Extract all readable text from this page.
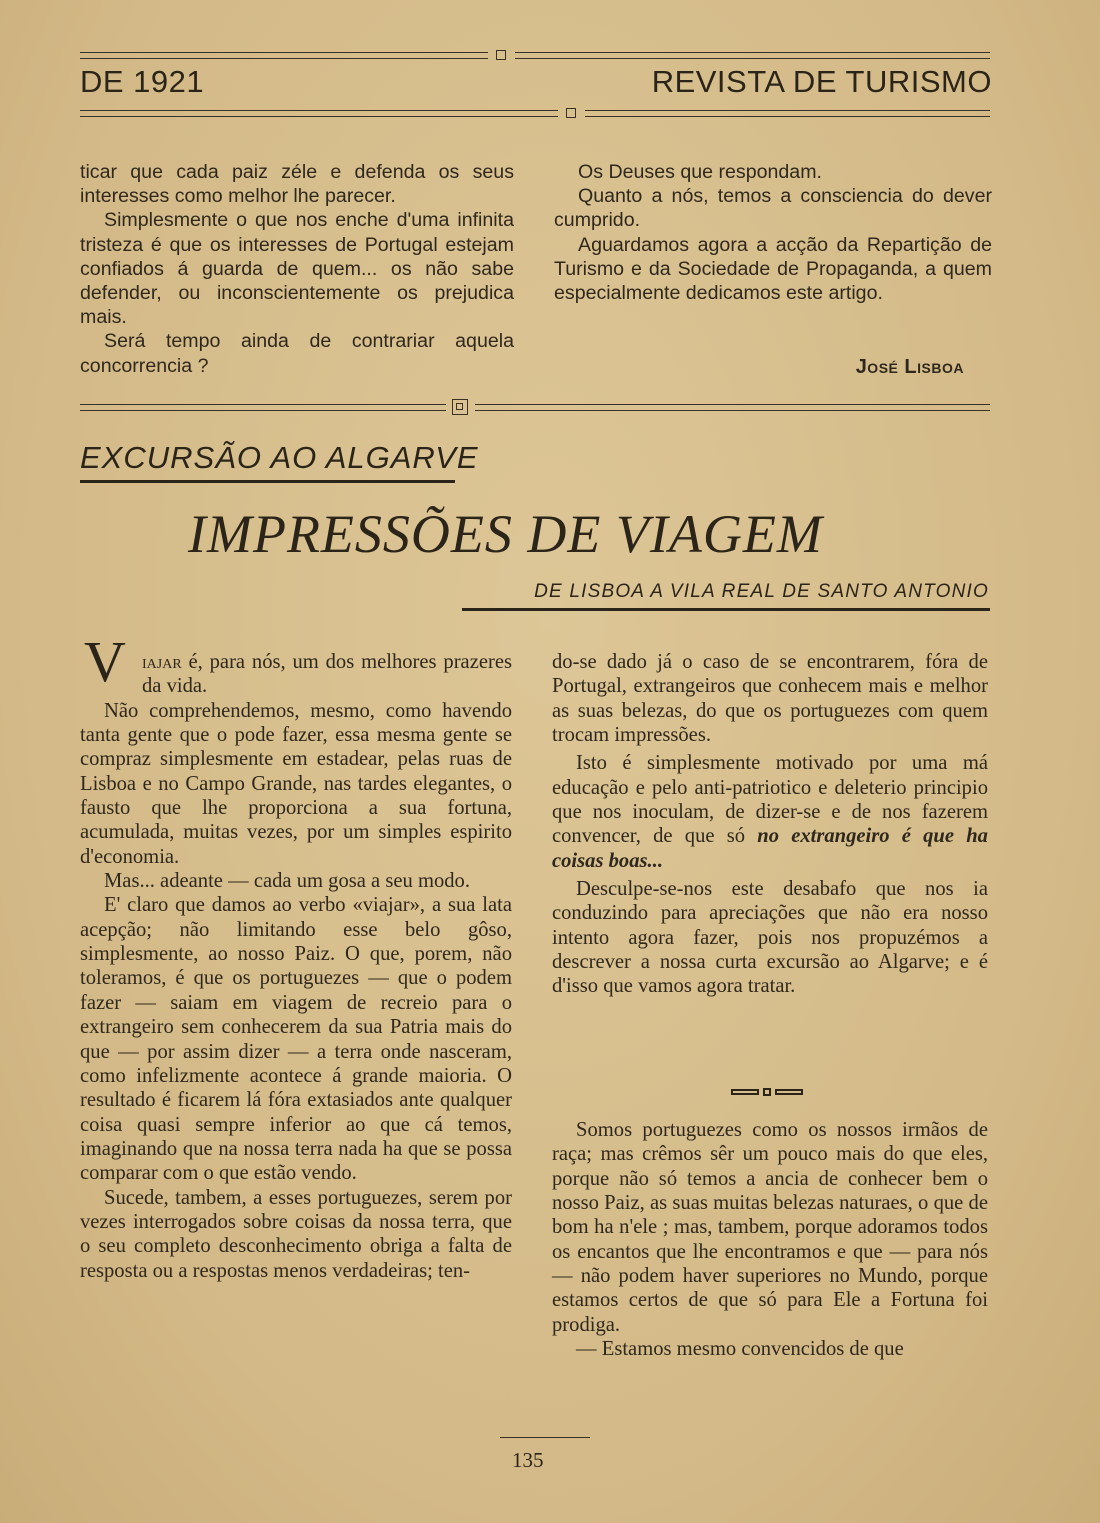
DE 1921	REVISTA DE TURISMO

ticar que cada paiz zéle e defenda os seus interesses como melhor lhe parecer.

Simplesmente o que nos enche d'uma infinita tristeza é que os interesses de Portugal estejam confiados á guarda de quem... os não sabe defender, ou inconscientemente os prejudica mais.

Será tempo ainda de contrariar aquela concorrencia ?

Os Deuses que respondam.

Quanto a nós, temos a consciencia do dever cumprido.

Aguardamos agora a acção da Repartição de Turismo e da Sociedade de Propaganda, a quem especialmente dedicamos este artigo.

José Lisboa
EXCURSÃO AO ALGARVE
IMPRESSÕES DE VIAGEM
DE LISBOA A VILA REAL DE SANTO ANTONIO
V iajar é, para nós, um dos melhores prazeres da vida.

Não comprehendemos, mesmo, como havendo tanta gente que o pode fazer, essa mesma gente se compraz simplesmente em estadear, pelas ruas de Lisboa e no Campo Grande, nas tardes elegantes, o fausto que lhe proporciona a sua fortuna, acumulada, muitas vezes, por um simples espirito d'economia.

Mas... adeante — cada um gosa a seu modo.

E' claro que damos ao verbo «viajar», a sua lata acepção; não limitando esse belo gôso, simplesmente, ao nosso Paiz. O que, porem, não toleramos, é que os portuguezes — que o podem fazer — saiam em viagem de recreio para o extrangeiro sem conhecerem da sua Patria mais do que — por assim dizer — a terra onde nasceram, como infelizmente acontece á grande maioria. O resultado é ficarem lá fóra extasiados ante qualquer coisa quasi sempre inferior ao que cá temos, imaginando que na nossa terra nada ha que se possa comparar com o que estão vendo.

Sucede, tambem, a esses portuguezes, serem por vezes interrogados sobre coisas da nossa terra, que o seu completo desconhecimento obriga a falta de resposta ou a respostas menos verdadeiras; ten-

do-se dado já o caso de se encontrarem, fóra de Portugal, extrangeiros que conhecem mais e melhor as suas belezas, do que os portuguezes com quem trocam impressões.

Isto é simplesmente motivado por uma má educação e pelo anti-patriotico e deleterio principio que nos inoculam, de dizer-se e de nos fazerem convencer, de que só no extrangeiro é que ha coisas boas...

Desculpe-se-nos este desabafo que nos ia conduzindo para apreciações que não era nosso intento agora fazer, pois nos propuzémos a descrever a nossa curta excursão ao Algarve; e é d'isso que vamos agora tratar.

Somos portuguezes como os nossos irmãos de raça; mas crêmos sêr um pouco mais do que eles, porque não só temos a ancia de conhecer bem o nosso Paiz, as suas muitas belezas naturaes, o que de bom ha n'ele ; mas, tambem, porque adoramos todos os encantos que lhe encontramos e que — para nós — não podem haver superiores no Mundo, porque estamos certos de que só para Ele a Fortuna foi prodiga.

— Estamos mesmo convencidos de que

135
